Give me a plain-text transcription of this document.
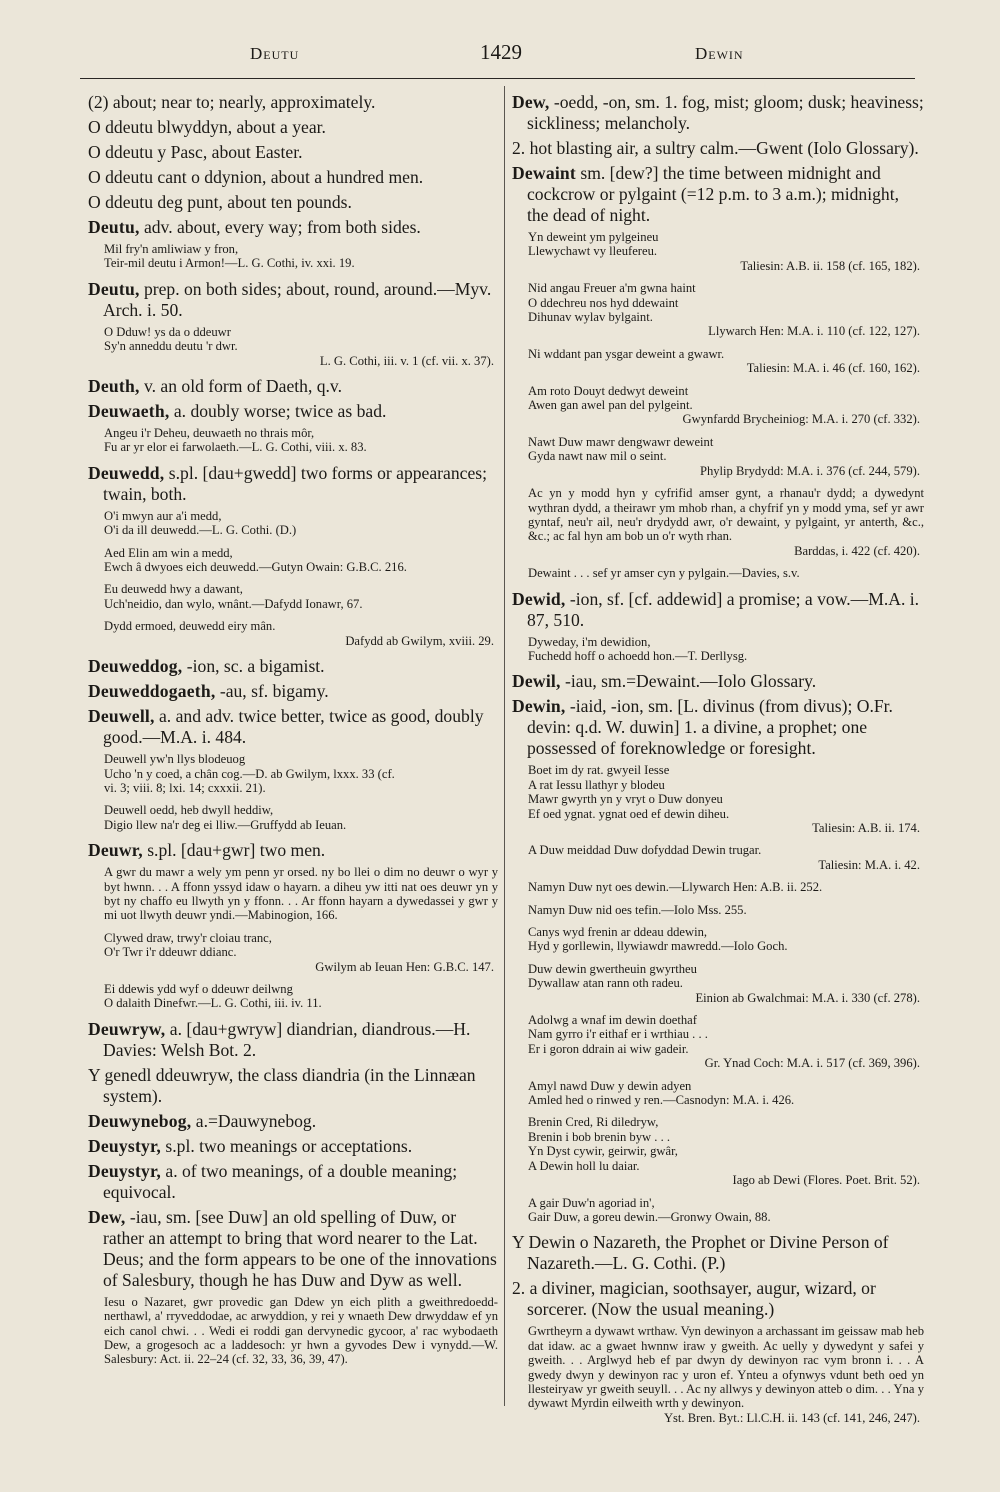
Deutu	1429	Dewin
(2) about; near to; nearly, approximately.
O ddeutu blwyddyn, about a year.
O ddeutu y Pasc, about Easter.
O ddeutu cant o ddynion, about a hundred men.
O ddeutu deg punt, about ten pounds.
Deutu, adv. about, every way; from both sides.
Mil fry'n amliwiaw y fron,
Teir-mil deutu i Armon!—L. G. Cothi, iv. xxi. 19.
Deutu, prep. on both sides; about, round, around.—Myv. Arch. i. 50.
O Dduw! ys da o ddeuwr
Sy'n anneddu deutu 'r dwr.
L. G. Cothi, iii. v. 1 (cf. vii. x. 37).
Deuth, v. an old form of Daeth, q.v.
Deuwaeth, a. doubly worse; twice as bad.
Angeu i'r Deheu, deuwaeth no thrais môr,
Fu ar yr elor ei farwolaeth.—L. G. Cothi, viii. x. 83.
Deuwedd, s.pl. [dau+gwedd] two forms or appearances; twain, both.
O'i mwyn aur a'i medd,
O'i da ill deuwedd.—L. G. Cothi. (D.)
Aed Elin am win a medd,
Ewch â dwyoes eich deuwedd.—Gutyn Owain: G.B.C. 216.
Eu deuwedd hwy a dawant,
Uch'neidio, dan wylo, wnânt.—Dafydd Ionawr, 67.
Dydd ermoed, deuwedd eiry mân.
Dafydd ab Gwilym, xviii. 29.
Deuweddog, -ion, sc. a bigamist.
Deuweddogaeth, -au, sf. bigamy.
Deuwell, a. and adv. twice better, twice as good, doubly good.—M.A. i. 484.
Deuwell yw'n llys blodeuog
Ucho 'n y coed, a chân cog.—D. ab Gwilym, lxxx. 33 (cf.
vi. 3; viii. 8; lxi. 14; cxxxii. 21).
Deuwell oedd, heb dwyll heddiw,
Digio llew na'r deg ei lliw.—Gruffydd ab Ieuan.
Deuwr, s.pl. [dau+gwr] two men.
A gwr du mawr a wely ym penn yr orsed. ny bo llei o dim no deuwr o wyr y byt hwnn. . . A ffonn yssyd idaw o hayarn. a diheu yw itti nat oes deuwr yn y byt ny chaffo eu llwyth yn y ffonn. . . Ar ffonn hayarn a dywedassei y gwr y mi uot llwyth deuwr yndi.—Mabinogion, 166.
Clywed draw, trwy'r cloiau tranc,
O'r Twr i'r ddeuwr ddianc.
Gwilym ab Ieuan Hen: G.B.C. 147.
Ei ddewis ydd wyf o ddeuwr deilwng
O dalaith Dinefwr.—L. G. Cothi, iii. iv. 11.
Deuwryw, a. [dau+gwryw] diandrian, diandrous.—H. Davies: Welsh Bot. 2.
Y genedl ddeuwryw, the class diandria (in the Linnæan system).
Deuwynebog, a.=Dauwynebog.
Deuystyr, s.pl. two meanings or acceptations.
Deuystyr, a. of two meanings, of a double meaning; equivocal.
Dew, -iau, sm. [see Duw] an old spelling of Duw, or rather an attempt to bring that word nearer to the Lat. Deus; and the form appears to be one of the innovations of Salesbury, though he has Duw and Dyw as well.
Iesu o Nazaret, gwr provedic gan Ddew yn eich plith a gweithredoedd-nerthawl, a' rryveddodae, ac arwyddion, y rei y wnaeth Dew drwyddaw ef yn eich canol chwi. . . Wedi ei roddi gan dervynedic gycoor, a' rac wybodaeth Dew, a grogesoch ac a laddesoch: yr hwn a gyvodes Dew i vynydd.—W. Salesbury: Act. ii. 22–24 (cf. 32, 33, 36, 39, 47).
Dew, -oedd, -on, sm. 1. fog, mist; gloom; dusk; heaviness; sickliness; melancholy.
2. hot blasting air, a sultry calm.—Gwent (Iolo Glossary).
Dewaint sm. [dew?] the time between midnight and cockcrow or pylgaint (=12 p.m. to 3 a.m.); midnight, the dead of night.
Yn deweint ym pylgeineu
Llewychawt vy lleufereu.
Taliesin: A.B. ii. 158 (cf. 165, 182).
Nid angau Freuer a'm gwna haint
O ddechreu nos hyd ddewaint
Dihunav wylav bylgaint.
Llywarch Hen: M.A. i. 110 (cf. 122, 127).
Ni wddant pan ysgar deweint a gwawr.
Taliesin: M.A. i. 46 (cf. 160, 162).
Am roto Douyt dedwyt deweint
Awen gan awel pan del pylgeint.
Gwynfardd Brycheiniog: M.A. i. 270 (cf. 332).
Nawt Duw mawr dengwawr deweint
Gyda nawt naw mil o seint.
Phylip Brydydd: M.A. i. 376 (cf. 244, 579).
Ac yn y modd hyn y cyfrifid amser gynt, a rhanau'r dydd; a dywedynt wythran dydd, a theirawr ym mhob rhan, a chyfrif yn y modd yma, sef yr awr gyntaf, neu'r ail, neu'r drydydd awr, o'r dewaint, y pylgaint, yr anterth, &c., &c.; ac fal hyn am bob un o'r wyth rhan.
Barddas, i. 422 (cf. 420).
Dewaint . . . sef yr amser cyn y pylgain.—Davies, s.v.
Dewid, -ion, sf. [cf. addewid] a promise; a vow.—M.A. i. 87, 510.
Dyweday, i'm dewidion,
Fuchedd hoff o achoedd hon.—T. Derllysg.
Dewil, -iau, sm.=Dewaint.—Iolo Glossary.
Dewin, -iaid, -ion, sm. [L. divinus (from divus); O.Fr. devin: q.d. W. duwin] 1. a divine, a prophet; one possessed of foreknowledge or foresight.
Boet im dy rat. gwyeil Iesse
A rat Iessu llathyr y blodeu
Mawr gwyrth yn y vryt o Duw donyeu
Ef oed ygnat. ygnat oed ef dewin diheu.
Taliesin: A.B. ii. 174.
A Duw meiddad Duw dofyddad Dewin trugar.
Taliesin: M.A. i. 42.
Namyn Duw nyt oes dewin.—Llywarch Hen: A.B. ii. 252.
Namyn Duw nid oes tefin.—Iolo Mss. 255.
Canys wyd frenin ar ddeau ddewin,
Hyd y gorllewin, llywiawdr mawredd.—Iolo Goch.
Duw dewin gwertheuin gwyrtheu
Dywallaw atan rann oth radeu.
Einion ab Gwalchmai: M.A. i. 330 (cf. 278).
Adolwg a wnaf im dewin doethaf
Nam gyrro i'r eithaf er i wrthiau . . .
Er i goron ddrain ai wiw gadeir.
Gr. Ynad Coch: M.A. i. 517 (cf. 369, 396).
Amyl nawd Duw y dewin adyen
Amled hed o rinwed y ren.—Casnodyn: M.A. i. 426.
Brenin Cred, Ri diledryw,
Brenin i bob brenin byw . . .
Yn Dyst cywir, geirwir, gwâr,
A Dewin holl lu daiar.
Iago ab Dewi (Flores. Poet. Brit. 52).
A gair Duw'n agoriad in',
Gair Duw, a goreu dewin.—Gronwy Owain, 88.
Y Dewin o Nazareth, the Prophet or Divine Person of Nazareth.—L. G. Cothi. (P.)
2. a diviner, magician, soothsayer, augur, wizard, or sorcerer. (Now the usual meaning.)
Gwrtheyrn a dywawt wrthaw. Vyn dewinyon a archassant im geissaw mab heb dat idaw. ac a gwaet hwnnw iraw y gweith. Ac uelly y dywedynt y safei y gweith. . . Arglwyd heb ef par dwyn dy dewinyon rac vym bronn i. . . A gwedy dwyn y dewinyon rac y uron ef. Ynteu a ofynwys vdunt beth oed yn llesteiryaw yr gweith seuyll. . . Ac ny allwys y dewinyon atteb o dim. . . Yna y dywawt Myrdin eilweith wrth y dewinyon.
Yst. Bren. Byt.: Ll.C.H. ii. 143 (cf. 141, 246, 247).
